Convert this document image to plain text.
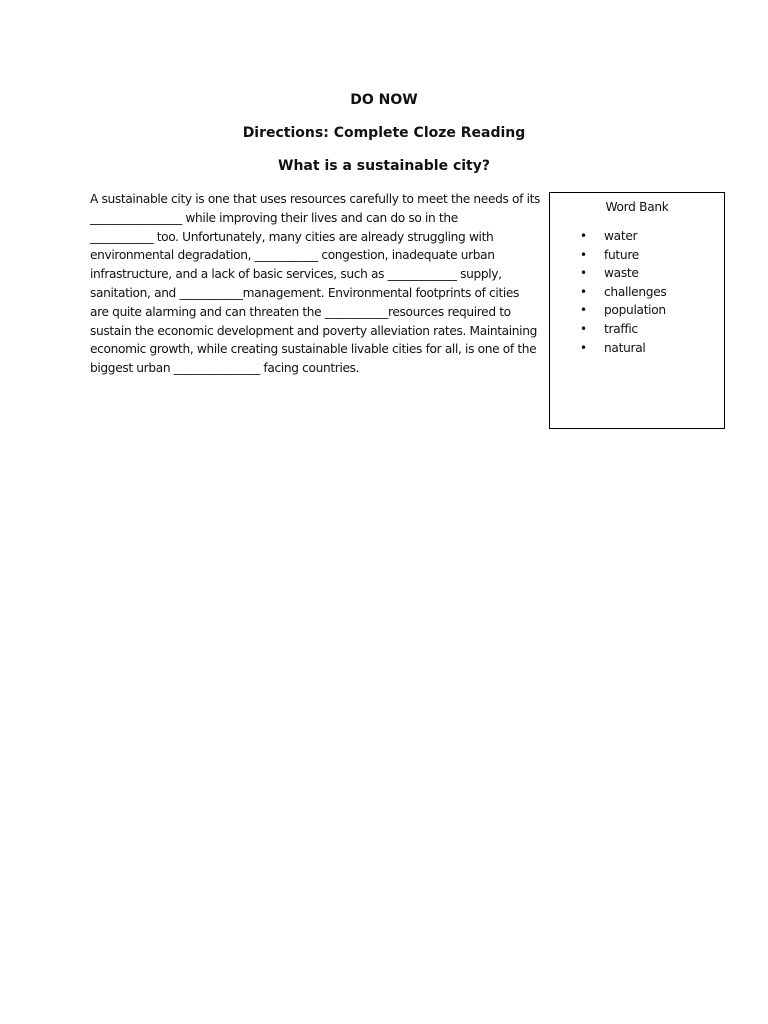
DO NOW
Directions: Complete Cloze Reading
What is a sustainable city?

A sustainable city is one that uses resources carefully to meet the needs of its
________________ while improving their lives and can do so in the
___________ too. Unfortunately, many cities are already struggling with
environmental degradation, ___________ congestion, inadequate urban
infrastructure, and a lack of basic services, such as ____________ supply,
sanitation, and ___________management. Environmental footprints of cities
are quite alarming and can threaten the ___________resources required to
sustain the economic development and poverty alleviation rates. Maintaining
economic growth, while creating sustainable livable cities for all, is one of the
biggest urban _______________ facing countries.

Word Bank
• water
• future
• waste
• challenges
• population
• traffic
• natural
